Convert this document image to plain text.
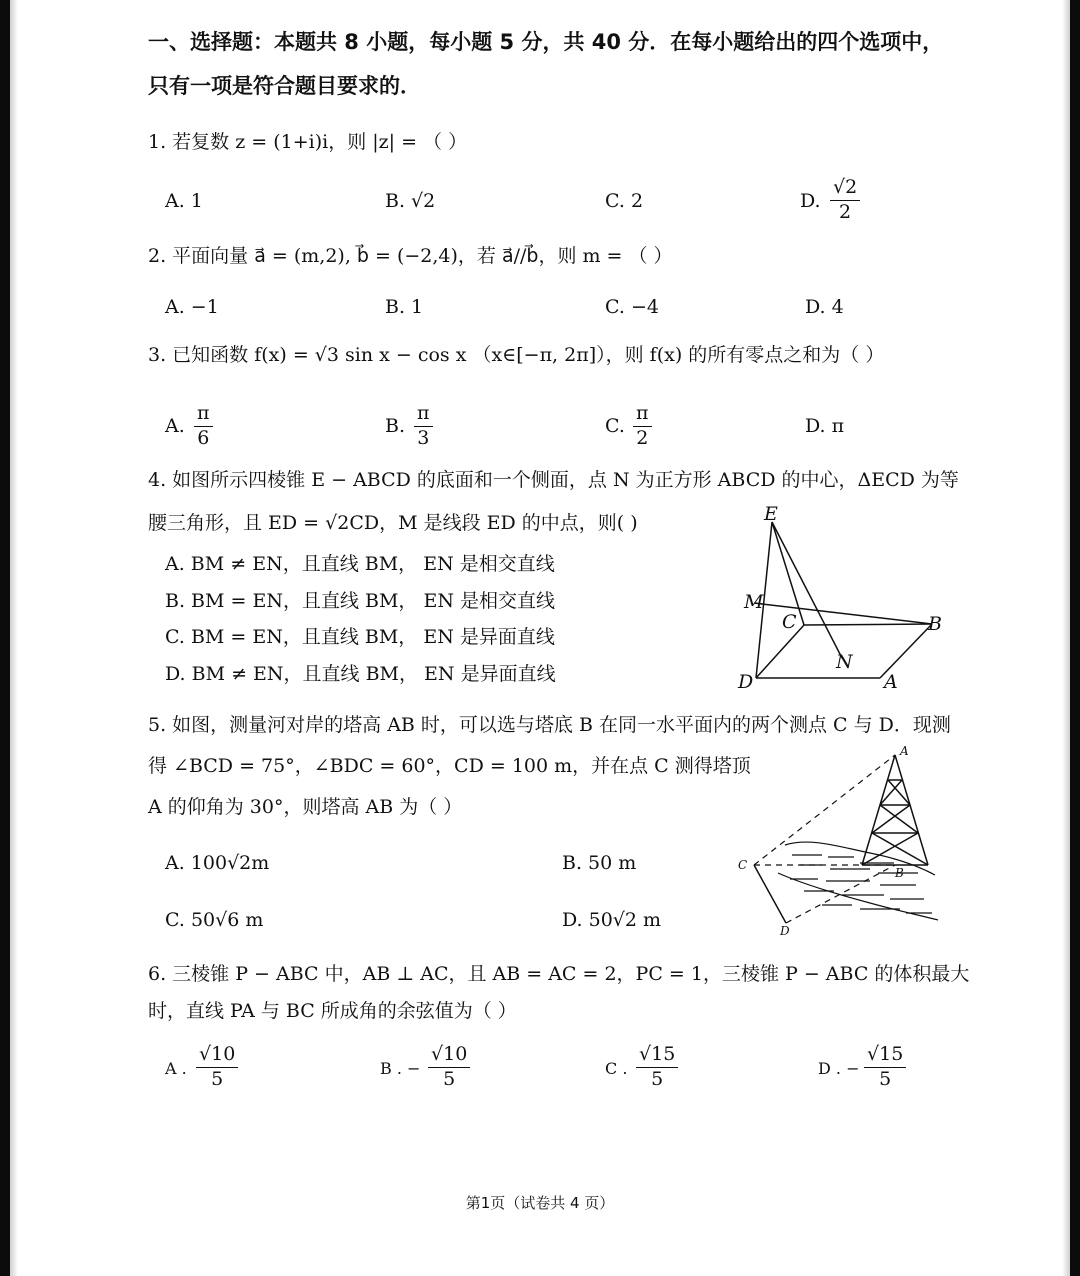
一、选择题：本题共 8 小题，每小题 5 分，共 40 分．在每小题给出的四个选项中，
只有一项是符合题目要求的．
1. 若复数 z = (1+i)i，则 |z| = （ ）
A. 1	B. √2	C. 2	D. $\frac{√2}{2}$
2. 平面向量 a⃗ = (m,2), b⃗ = (−2,4)，若 a⃗//b⃗，则 m = （ ）
A. −1	B. 1	C. −4	D. 4
3. 已知函数 f(x) = √3 sin x − cos x （x∈[−π, 2π]），则 f(x) 的所有零点之和为（ ）
A. $\frac{\pi}{6}$	B. $\frac{\pi}{3}$	C. $\frac{\pi}{2}$	D. π
4. 如图所示四棱锥 E − ABCD 的底面和一个侧面，点 N 为正方形 ABCD 的中心，ΔECD 为等
腰三角形，且 ED = √2CD，M 是线段 ED 的中点，则( )
A. BM ≠ EN，且直线 BM， EN 是相交直线
B. BM = EN，且直线 BM， EN 是相交直线
C. BM = EN，且直线 BM， EN 是异面直线
D. BM ≠ EN，且直线 BM， EN 是异面直线
E
M
C	B
N
D	A
5. 如图，测量河对岸的塔高 AB 时，可以选与塔底 B 在同一水平面内的两个测点 C 与 D．现测
得 ∠BCD = 75°，∠BDC = 60°，CD = 100 m，并在点 C 测得塔顶
A 的仰角为 30°，则塔高 AB 为（ ）
A. 100√2m	B. 50 m
C. 50√6 m	D. 50√2 m
A
B
C
D
6. 三棱锥 P − ABC 中，AB ⊥ AC，且 AB = AC = 2，PC = 1，三棱锥 P − ABC 的体积最大
时，直线 PA 与 BC 所成角的余弦值为（ ）
A . $\frac{√10}{5}$	B . − $\frac{√10}{5}$	C . $\frac{√15}{5}$	D . − $\frac{√15}{5}$
第1页（试卷共 4 页）
